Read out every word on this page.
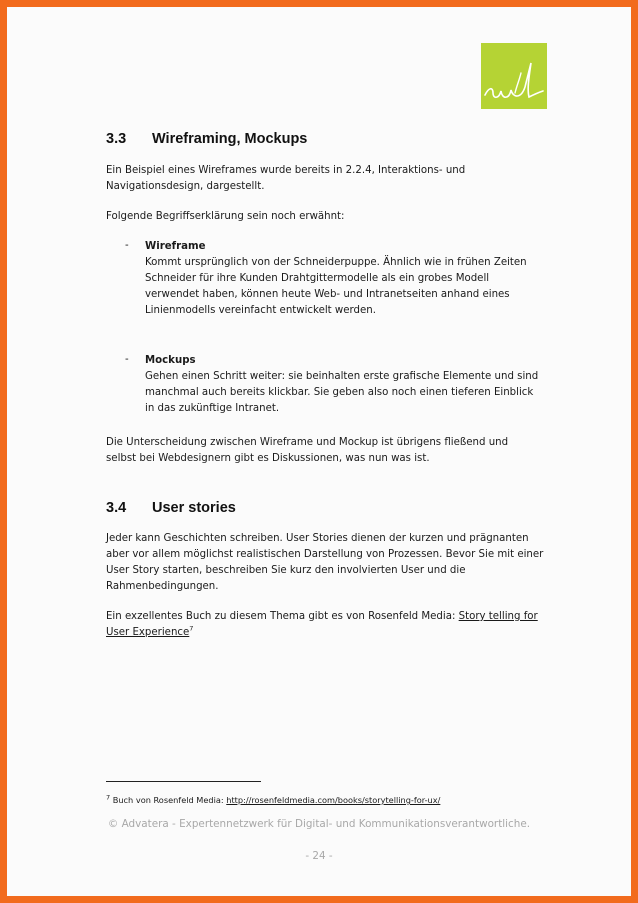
3.3 Wireframing, Mockups
Ein Beispiel eines Wireframes wurde bereits in 2.2.4, Interaktions- und
Navigationsdesign, dargestellt.
Folgende Begriffserklärung sein noch erwähnt:
- Wireframe
Kommt ursprünglich von der Schneiderpuppe. Ähnlich wie in frühen Zeiten
Schneider für ihre Kunden Drahtgittermodelle als ein grobes Modell
verwendet haben, können heute Web- und Intranetseiten anhand eines
Linienmodells vereinfacht entwickelt werden.
- Mockups
Gehen einen Schritt weiter: sie beinhalten erste grafische Elemente und sind
manchmal auch bereits klickbar. Sie geben also noch einen tieferen Einblick
in das zukünftige Intranet.
Die Unterscheidung zwischen Wireframe und Mockup ist übrigens fließend und
selbst bei Webdesignern gibt es Diskussionen, was nun was ist.
3.4 User stories
Jeder kann Geschichten schreiben. User Stories dienen der kurzen und prägnanten
aber vor allem möglichst realistischen Darstellung von Prozessen. Bevor Sie mit einer
User Story starten, beschreiben Sie kurz den involvierten User und die
Rahmenbedingungen.
Ein exzellentes Buch zu diesem Thema gibt es von Rosenfeld Media: Story telling for
User Experience$^7$
$^7$ Buch von Rosenfeld Media: http://rosenfeldmedia.com/books/storytelling-for-ux/
© Advatera - Expertennetzwerk für Digital- und Kommunikationsverantwortliche.
- 24 -
